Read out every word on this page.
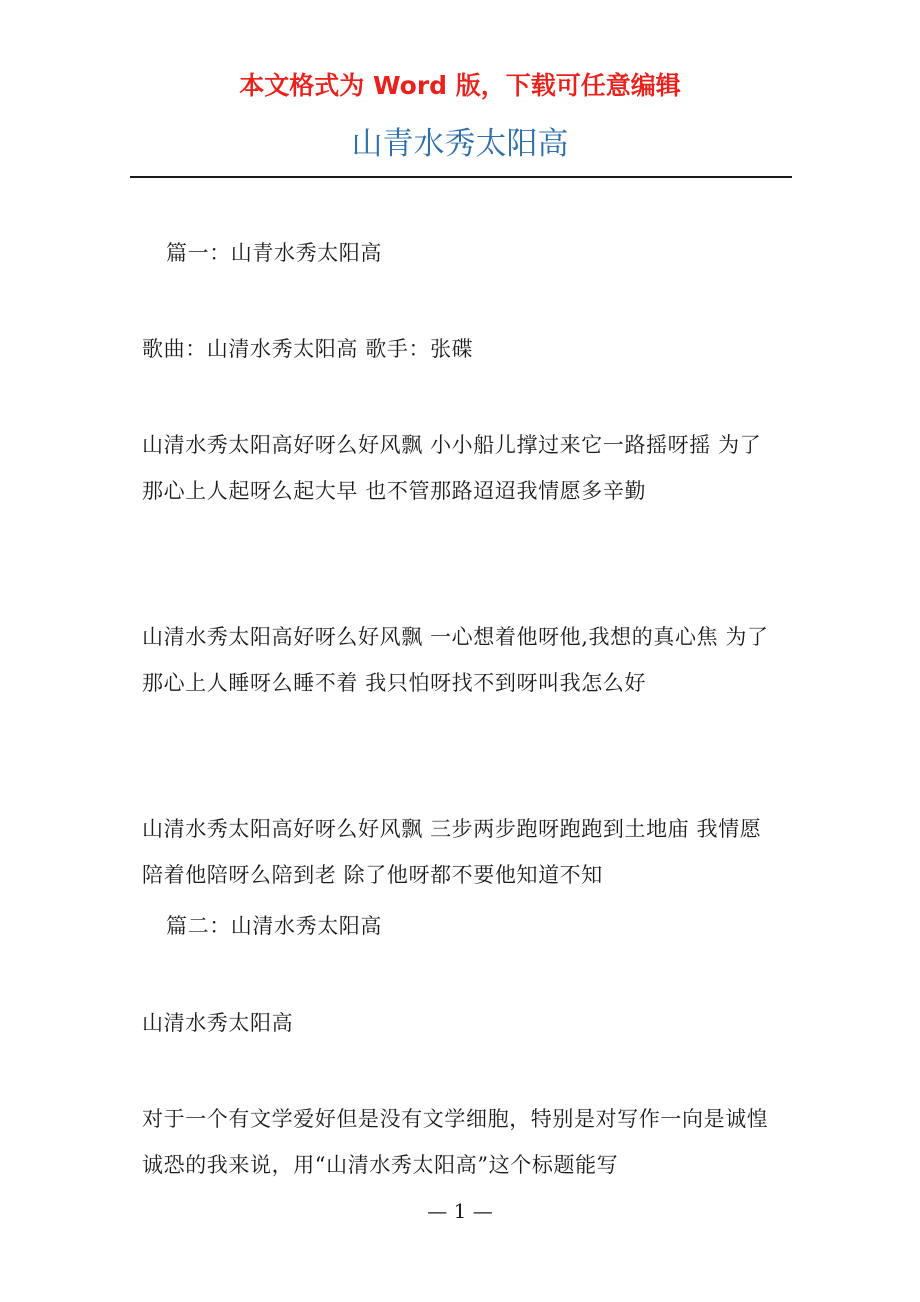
本文格式为 Word 版，下载可任意编辑
山青水秀太阳高
篇一：山青水秀太阳高
歌曲：山清水秀太阳高 歌手：张碟
山清水秀太阳高好呀么好风飘 小小船儿撑过来它一路摇呀摇 为了那心上人起呀么起大早 也不管那路迢迢我情愿多辛勤
山清水秀太阳高好呀么好风飘 一心想着他呀他,我想的真心焦 为了那心上人睡呀么睡不着 我只怕呀找不到呀叫我怎么好
山清水秀太阳高好呀么好风飘 三步两步跑呀跑跑到土地庙 我情愿陪着他陪呀么陪到老 除了他呀都不要他知道不知
篇二：山清水秀太阳高
山清水秀太阳高
对于一个有文学爱好但是没有文学细胞，特别是对写作一向是诚惶诚恐的我来说，用“山清水秀太阳高”这个标题能写
— 1 —
